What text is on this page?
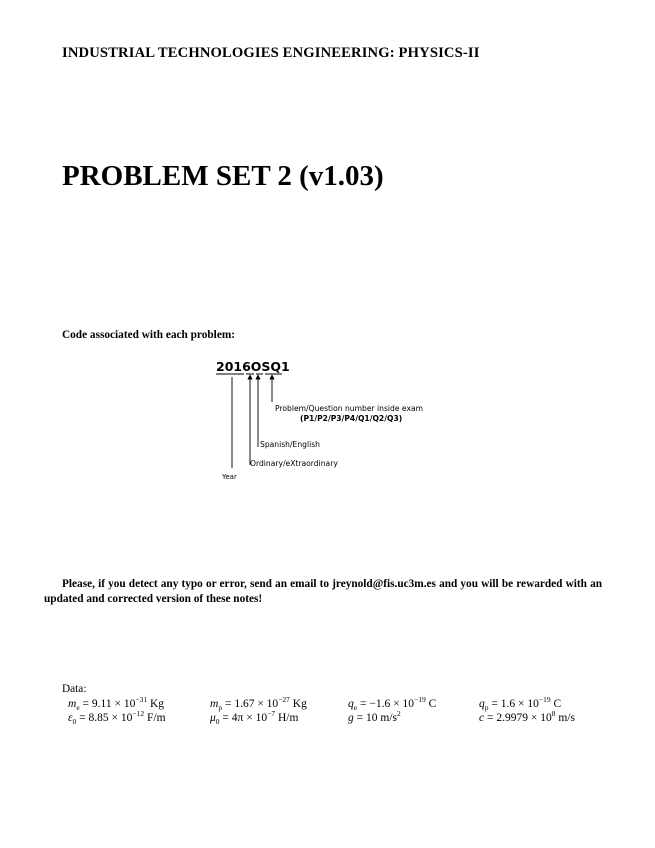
INDUSTRIAL TECHNOLOGIES ENGINEERING: PHYSICS-II
PROBLEM SET 2 (v1.03)
Code associated with each problem:
2016OSQ1
Problem/Question number inside exam
(P1/P2/P3/P4/Q1/Q2/Q3)
Spanish/English
Ordinary/eXtraordinary
Year

Please, if you detect any typo or error, send an email to jreynold@fis.uc3m.es and you will be rewarded with an updated and corrected version of these notes!

Data:
$m_e = 9.11 \times 10^{-31}$ Kg	$m_p = 1.67 \times 10^{-27}$ Kg	$q_e = -1.6 \times 10^{-19}$ C	$q_p = 1.6 \times 10^{-19}$ C
$\varepsilon_0 = 8.85 \times 10^{-12}$ F/m	$\mu_0 = 4\pi \times 10^{-7}$ H/m	g = 10 $m/s^2$	$c = 2.9979 \times 10^8$ m/s
